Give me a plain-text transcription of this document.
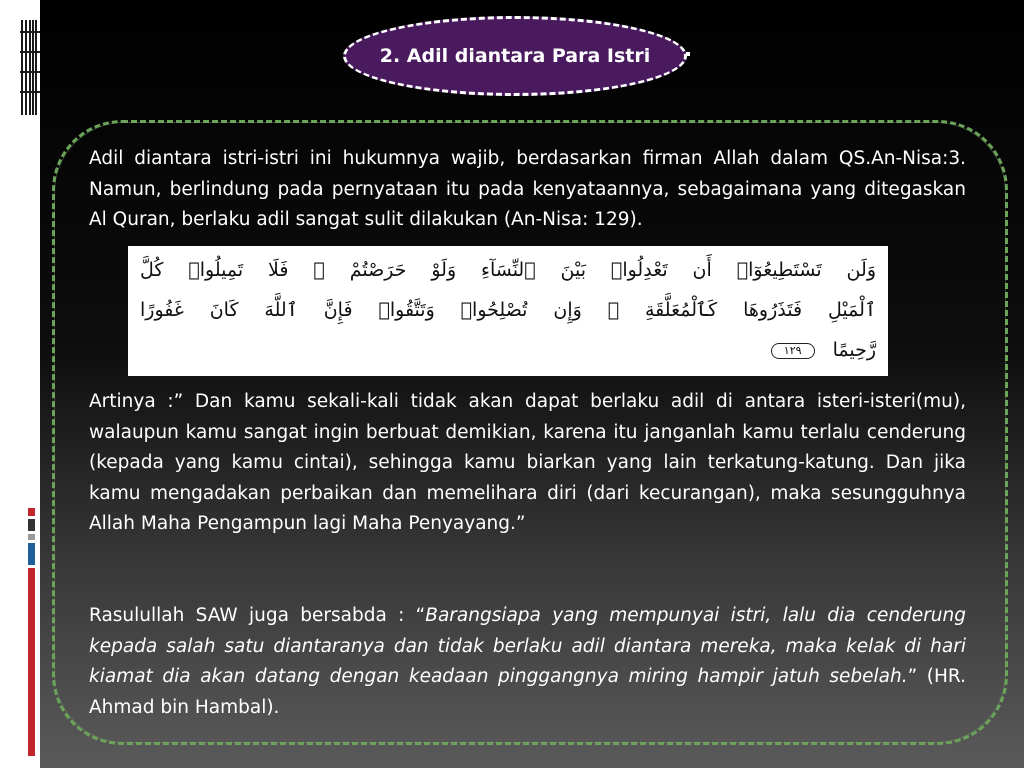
2. Adil diantara Para Istri

Adil diantara istri-istri ini hukumnya wajib, berdasarkan firman Allah dalam QS.An-Nisa:3. Namun, berlindung pada pernyataan itu pada kenyataannya, sebagaimana yang ditegaskan Al Quran, berlaku adil sangat sulit dilakukan (An-Nisa: 129).

وَلَن تَسْتَطِيعُوٓا۟ أَن تَعْدِلُوا۟ بَيْنَ ٱلنِّسَآءِ وَلَوْ حَرَصْتُمْ ۖ فَلَا تَمِيلُوا۟ كُلَّ
ٱلْمَيْلِ فَتَذَرُوهَا كَٱلْمُعَلَّقَةِ ۚ وَإِن تُصْلِحُوا۟ وَتَتَّقُوا۟ فَإِنَّ ٱللَّهَ كَانَ غَفُورًا
رَّحِيمًا ١٢٩

Artinya :” Dan kamu sekali-kali tidak akan dapat berlaku adil di antara isteri-isteri(mu), walaupun kamu sangat ingin berbuat demikian, karena itu janganlah kamu terlalu cenderung (kepada yang kamu cintai), sehingga kamu biarkan yang lain terkatung-katung. Dan jika kamu mengadakan perbaikan dan memelihara diri (dari kecurangan), maka sesungguhnya Allah Maha Pengampun lagi Maha Penyayang.”

Rasulullah SAW juga bersabda : “Barangsiapa yang mempunyai istri, lalu dia cenderung kepada salah satu diantaranya dan tidak berlaku adil diantara mereka, maka kelak di hari kiamat dia akan datang dengan keadaan pinggangnya miring hampir jatuh sebelah.” (HR. Ahmad bin Hambal).
